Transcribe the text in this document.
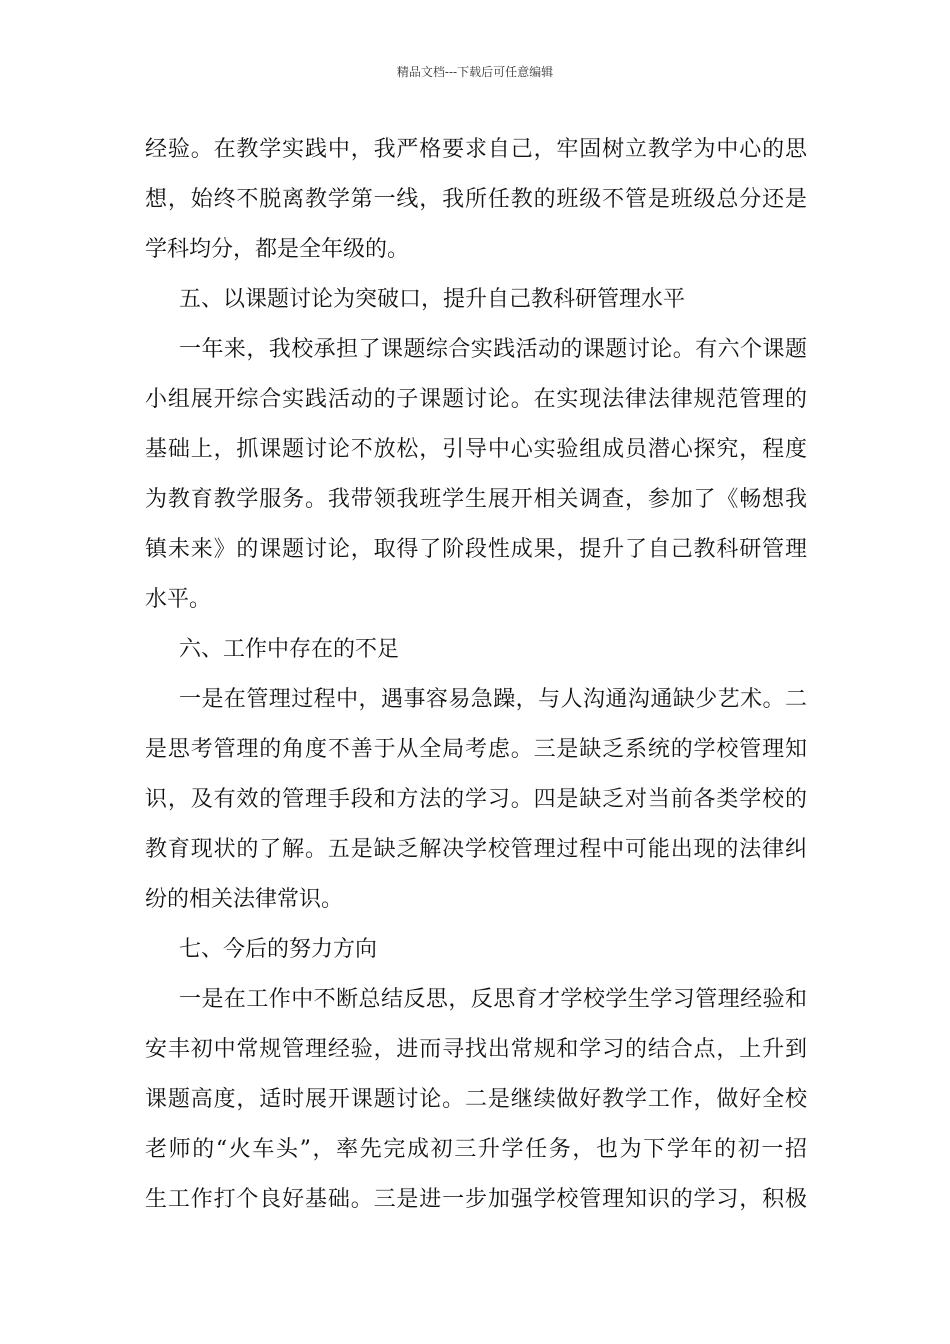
精品文档---下载后可任意编辑
经验。在教学实践中，我严格要求自己，牢固树立教学为中心的思
想，始终不脱离教学第一线，我所任教的班级不管是班级总分还是
学科均分，都是全年级的。
五、以课题讨论为突破口，提升自己教科研管理水平
一年来，我校承担了课题综合实践活动的课题讨论。有六个课题
小组展开综合实践活动的子课题讨论。在实现法律法律规范管理的
基础上，抓课题讨论不放松，引导中心实验组成员潜心探究，程度
为教育教学服务。我带领我班学生展开相关调查，参加了《畅想我
镇未来》的课题讨论，取得了阶段性成果，提升了自己教科研管理
水平。
六、工作中存在的不足
一是在管理过程中，遇事容易急躁，与人沟通沟通缺少艺术。二
是思考管理的角度不善于从全局考虑。三是缺乏系统的学校管理知
识，及有效的管理手段和方法的学习。四是缺乏对当前各类学校的
教育现状的了解。五是缺乏解决学校管理过程中可能出现的法律纠
纷的相关法律常识。
七、今后的努力方向
一是在工作中不断总结反思，反思育才学校学生学习管理经验和
安丰初中常规管理经验，进而寻找出常规和学习的结合点，上升到
课题高度，适时展开课题讨论。二是继续做好教学工作，做好全校
老师的“火车头”，率先完成初三升学任务，也为下学年的初一招
生工作打个良好基础。三是进一步加强学校管理知识的学习，积极
